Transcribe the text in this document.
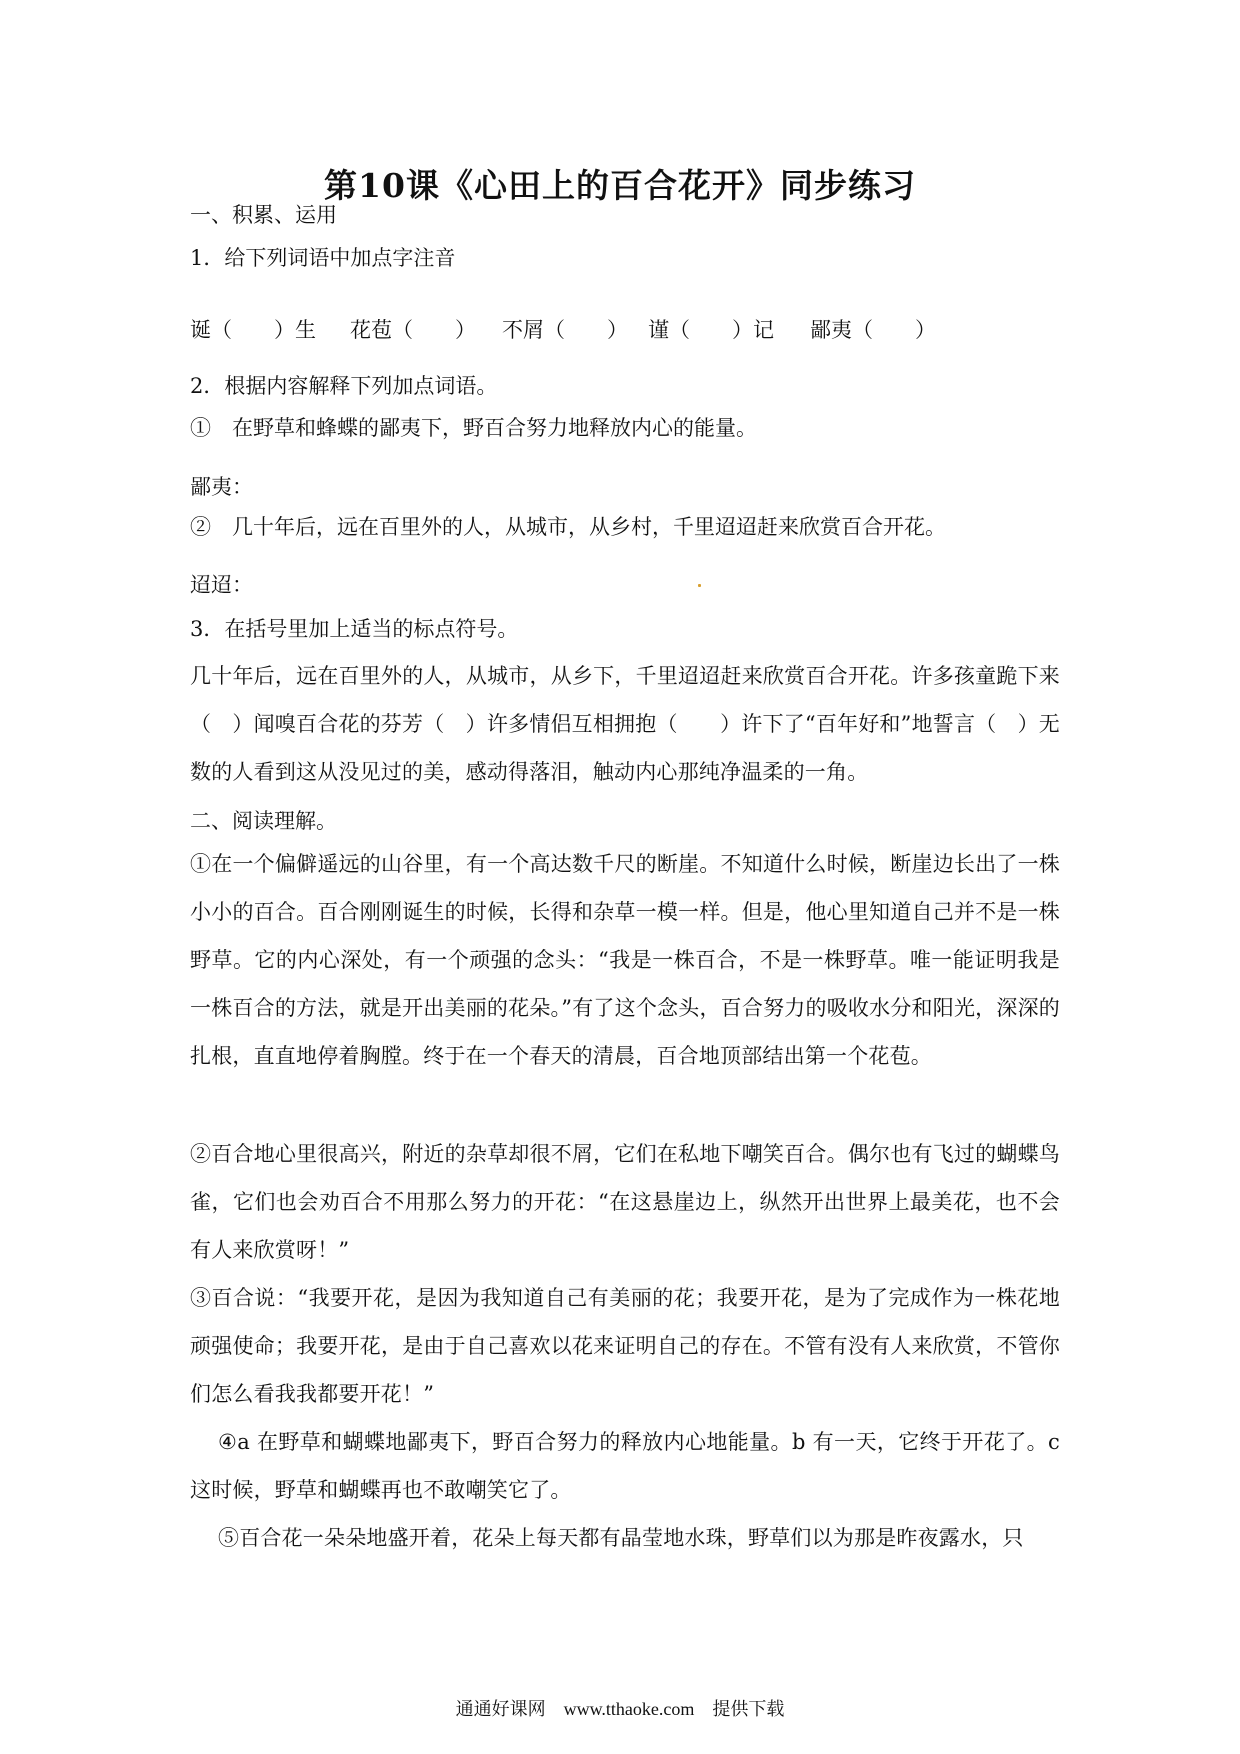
第10课《心田上的百合花开》同步练习
一、积累、运用
1．给下列词语中加点字注音
诞（　　）生 花苞（　　） 不屑（　　） 谨（　　）记 鄙夷（　　）
2．根据内容解释下列加点词语。
①　在野草和蜂蝶的鄙夷下，野百合努力地释放内心的能量。
鄙夷：
②　几十年后，远在百里外的人，从城市，从乡村，千里迢迢赶来欣赏百合开花。
迢迢：
3．在括号里加上适当的标点符号。
几十年后，远在百里外的人，从城市，从乡下，千里迢迢赶来欣赏百合开花。许多孩童跪下来（　）闻嗅百合花的芬芳（　）许多情侣互相拥抱（　　）许下了“百年好和”地誓言（　）无数的人看到这从没见过的美，感动得落泪，触动内心那纯净温柔的一角。
二、阅读理解。
①在一个偏僻遥远的山谷里，有一个高达数千尺的断崖。不知道什么时候，断崖边长出了一株小小的百合。百合刚刚诞生的时候，长得和杂草一模一样。但是，他心里知道自己并不是一株野草。它的内心深处，有一个顽强的念头：“我是一株百合，不是一株野草。唯一能证明我是一株百合的方法，就是开出美丽的花朵。”有了这个念头，百合努力的吸收水分和阳光，深深的扎根，直直地停着胸膛。终于在一个春天的清晨，百合地顶部结出第一个花苞。
②百合地心里很高兴，附近的杂草却很不屑，它们在私地下嘲笑百合。偶尔也有飞过的蝴蝶鸟雀，它们也会劝百合不用那么努力的开花：“在这悬崖边上，纵然开出世界上最美花，也不会有人来欣赏呀！”
③百合说：“我要开花，是因为我知道自己有美丽的花；我要开花，是为了完成作为一株花地顽强使命；我要开花，是由于自己喜欢以花来证明自己的存在。不管有没有人来欣赏，不管你们怎么看我我都要开花！”
④a 在野草和蝴蝶地鄙夷下，野百合努力的释放内心地能量。b 有一天，它终于开花了。c 这时候，野草和蝴蝶再也不敢嘲笑它了。
⑤百合花一朵朵地盛开着，花朵上每天都有晶莹地水珠，野草们以为那是昨夜露水，只
通通好课网　www.tthaoke.com　提供下载
